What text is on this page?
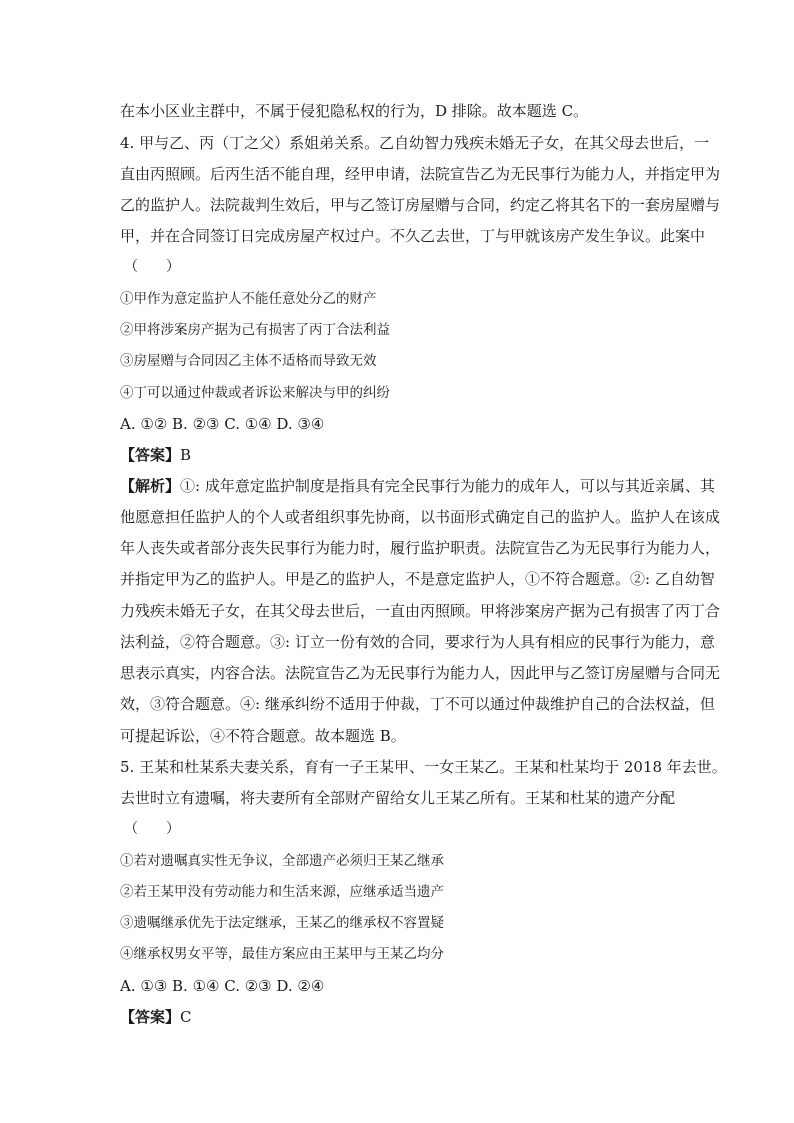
在本小区业主群中，不属于侵犯隐私权的行为，D 排除。故本题选 C。
4. 甲与乙、丙（丁之父）系姐弟关系。乙自幼智力残疾未婚无子女，在其父母去世后，一
直由丙照顾。后丙生活不能自理，经甲申请，法院宣告乙为无民事行为能力人，并指定甲为
乙的监护人。法院裁判生效后，甲与乙签订房屋赠与合同，约定乙将其名下的一套房屋赠与
甲，并在合同签订日完成房屋产权过户。不久乙去世，丁与甲就该房产发生争议。此案中
（　　）
①甲作为意定监护人不能任意处分乙的财产
②甲将涉案房产据为己有损害了丙丁合法利益
③房屋赠与合同因乙主体不适格而导致无效
④丁可以通过仲裁或者诉讼来解决与甲的纠纷
A. ①② B. ②③ C. ①④ D. ③④
【答案】B
【解析】①: 成年意定监护制度是指具有完全民事行为能力的成年人，可以与其近亲属、其
他愿意担任监护人的个人或者组织事先协商，以书面形式确定自己的监护人。监护人在该成
年人丧失或者部分丧失民事行为能力时，履行监护职责。法院宣告乙为无民事行为能力人，
并指定甲为乙的监护人。甲是乙的监护人，不是意定监护人，①不符合题意。②: 乙自幼智
力残疾未婚无子女，在其父母去世后，一直由丙照顾。甲将涉案房产据为己有损害了丙丁合
法利益，②符合题意。③: 订立一份有效的合同，要求行为人具有相应的民事行为能力，意
思表示真实，内容合法。法院宣告乙为无民事行为能力人，因此甲与乙签订房屋赠与合同无
效，③符合题意。④: 继承纠纷不适用于仲裁，丁不可以通过仲裁维护自己的合法权益，但
可提起诉讼，④不符合题意。故本题选 B。
5. 王某和杜某系夫妻关系，育有一子王某甲、一女王某乙。王某和杜某均于 2018 年去世。
去世时立有遗嘱，将夫妻所有全部财产留给女儿王某乙所有。王某和杜某的遗产分配
（　　）
①若对遗嘱真实性无争议，全部遗产必须归王某乙继承
②若王某甲没有劳动能力和生活来源，应继承适当遗产
③遗嘱继承优先于法定继承，王某乙的继承权不容置疑
④继承权男女平等，最佳方案应由王某甲与王某乙均分
A. ①③ B. ①④ C. ②③ D. ②④
【答案】C
